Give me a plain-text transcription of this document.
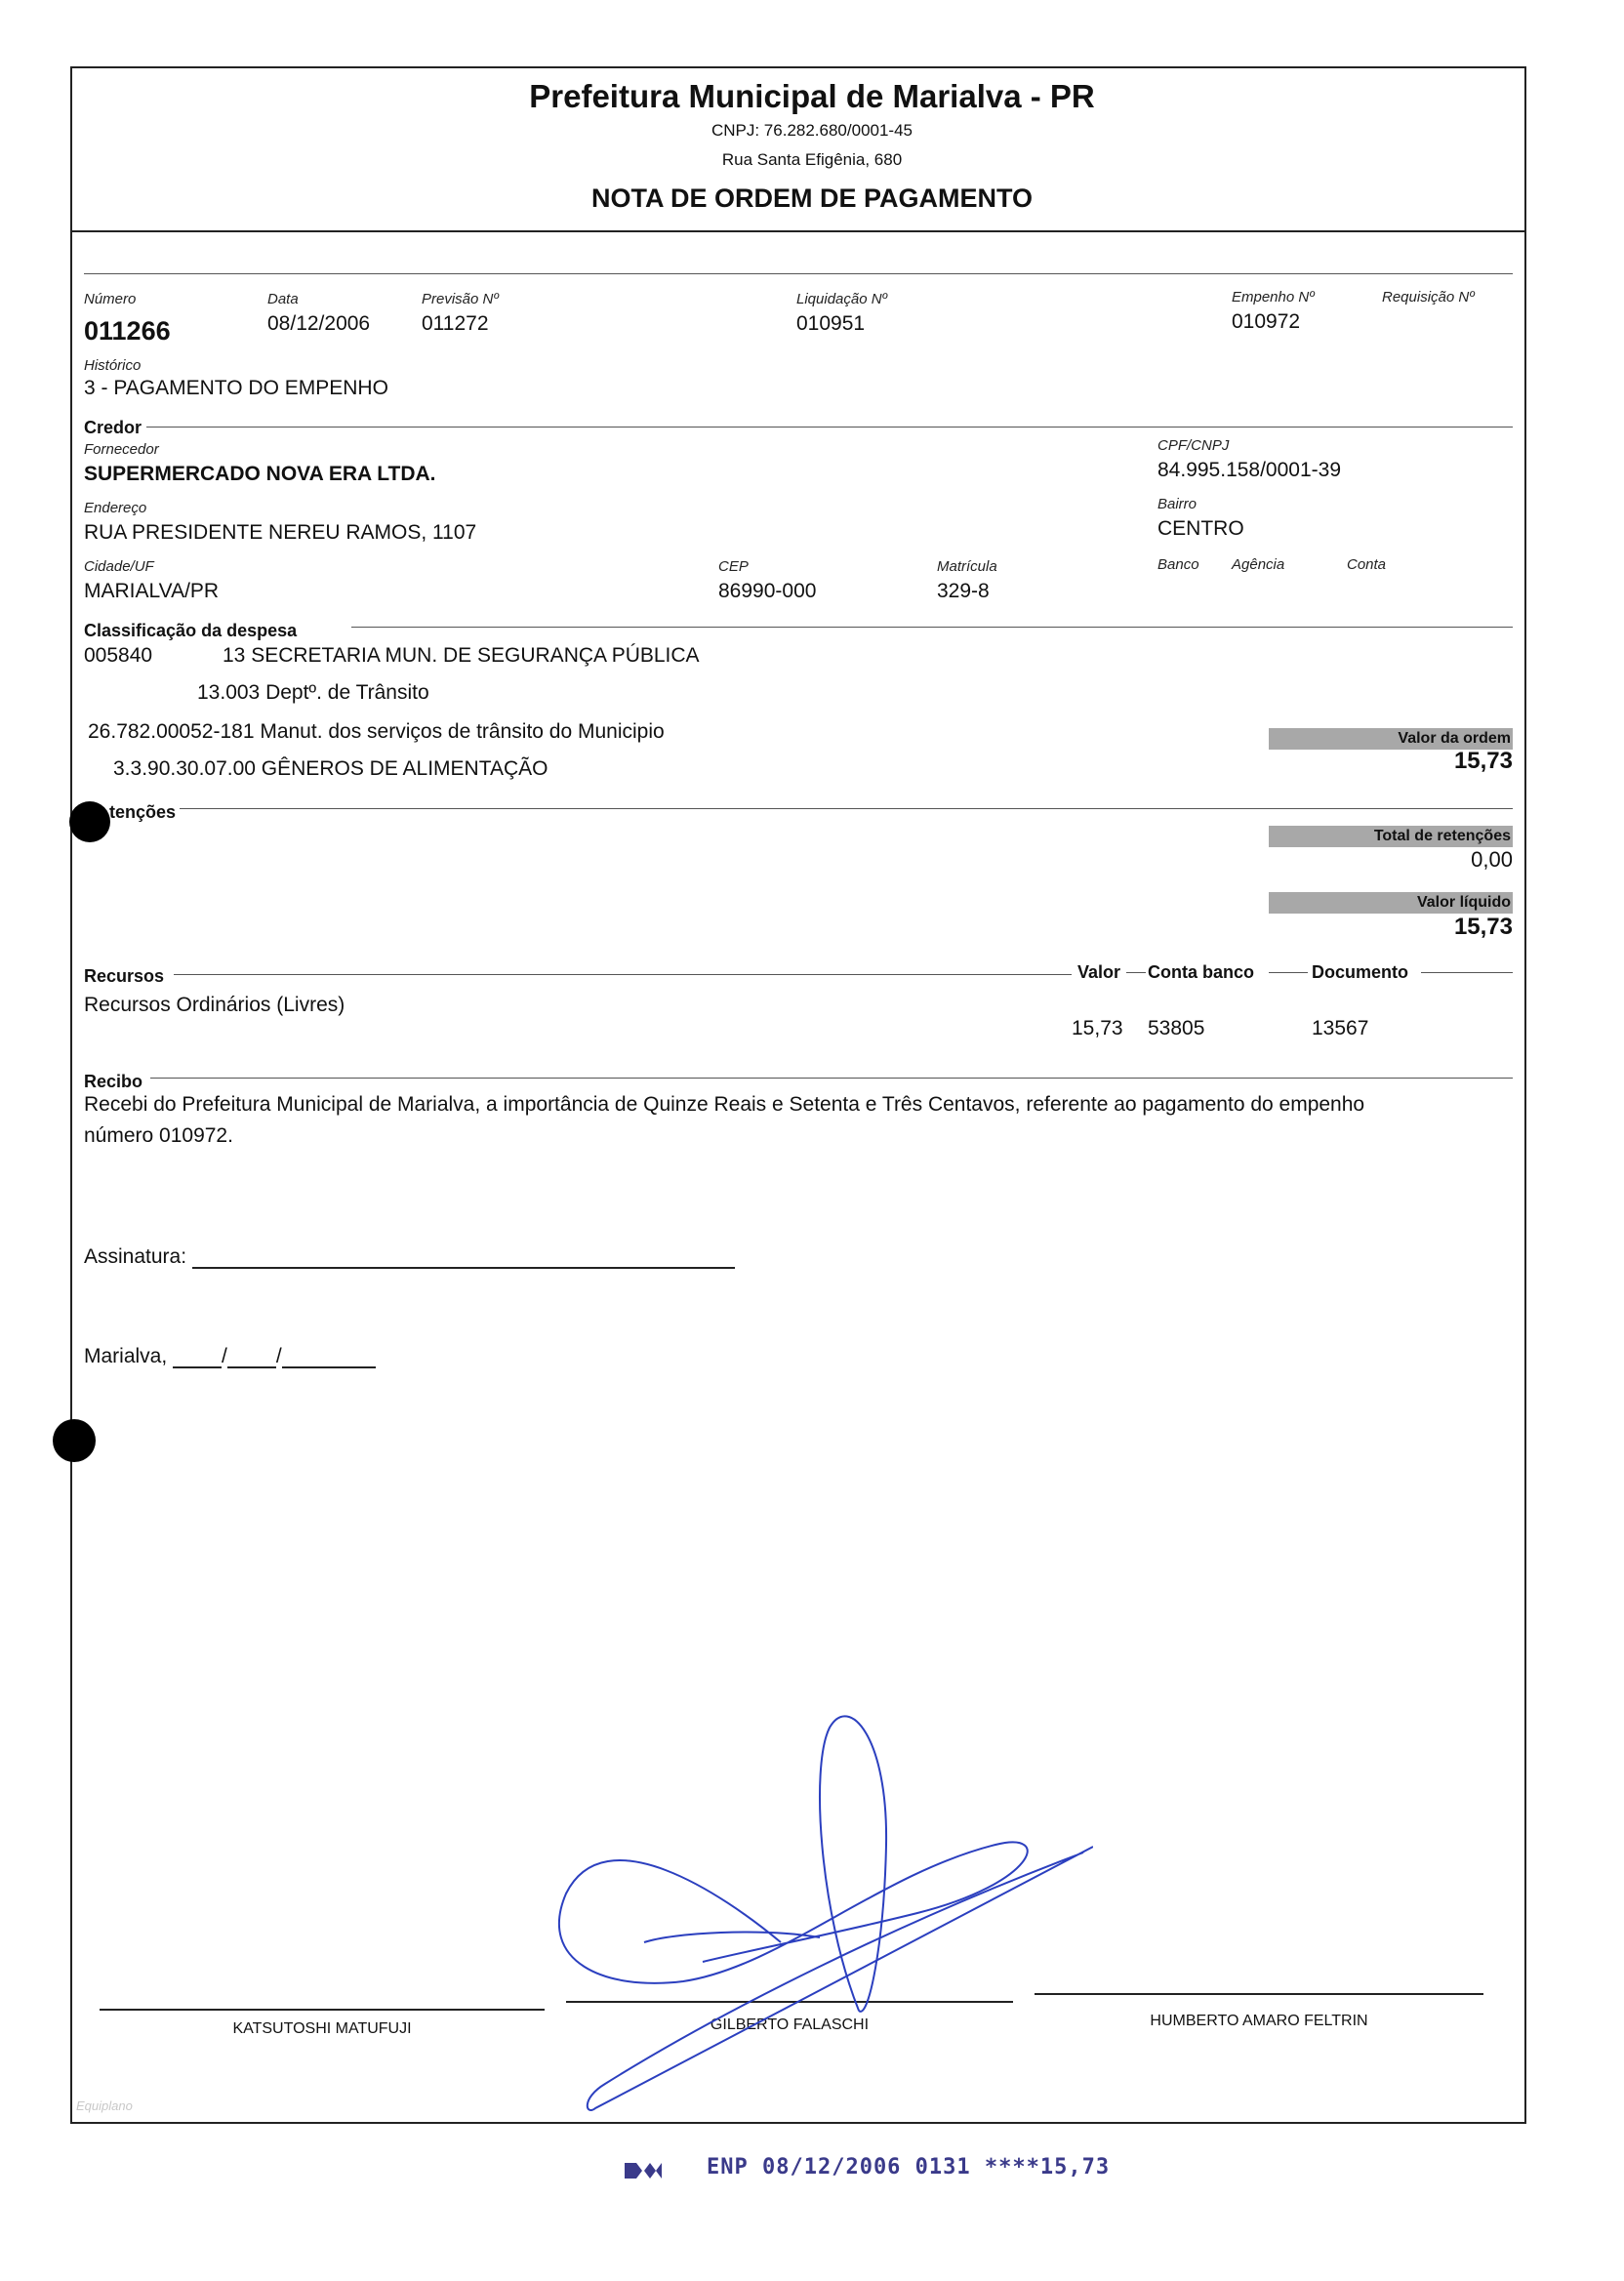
Prefeitura Municipal de Marialva - PR
CNPJ: 76.282.680/0001-45
Rua Santa Efigênia, 680
NOTA DE ORDEM DE PAGAMENTO
Número
011266
Data
08/12/2006
Previsão Nº
011272
Liquidação Nº
010951
Empenho Nº
010972
Requisição Nº
Histórico
3 - PAGAMENTO DO EMPENHO
Credor
Fornecedor
SUPERMERCADO NOVA ERA LTDA.
CPF/CNPJ
84.995.158/0001-39
Endereço
RUA PRESIDENTE NEREU RAMOS, 1107
Bairro
CENTRO
Cidade/UF
MARIALVA/PR
CEP
86990-000
Matrícula
329-8
Banco Agência	Conta
Classificação da despesa
005840	13 SECRETARIA MUN. DE SEGURANÇA PÚBLICA
13.003 Deptº. de Trânsito
26.782.00052-181 Manut. dos serviços de trânsito do Municipio
3.3.90.30.07.00 GÊNEROS DE ALIMENTAÇÃO
Valor da ordem
15,73
tenções
Total de retenções
0,00
Valor líquido
15,73
Recursos	Valor Conta banco	Documento
Recursos Ordinários (Livres)
15,73 53805	13567
Recibo
Recebi do Prefeitura Municipal de Marialva, a importância de Quinze Reais e Setenta e Três Centavos, referente ao pagamento do empenho
número 010972.
Assinatura:
Marialva,	/ /
KATSUTOSHI MATUFUJI	GILBERTO FALASCHI	HUMBERTO AMARO FELTRIN
Equiplano
ENP 08/12/2006 0131 ****15,73
